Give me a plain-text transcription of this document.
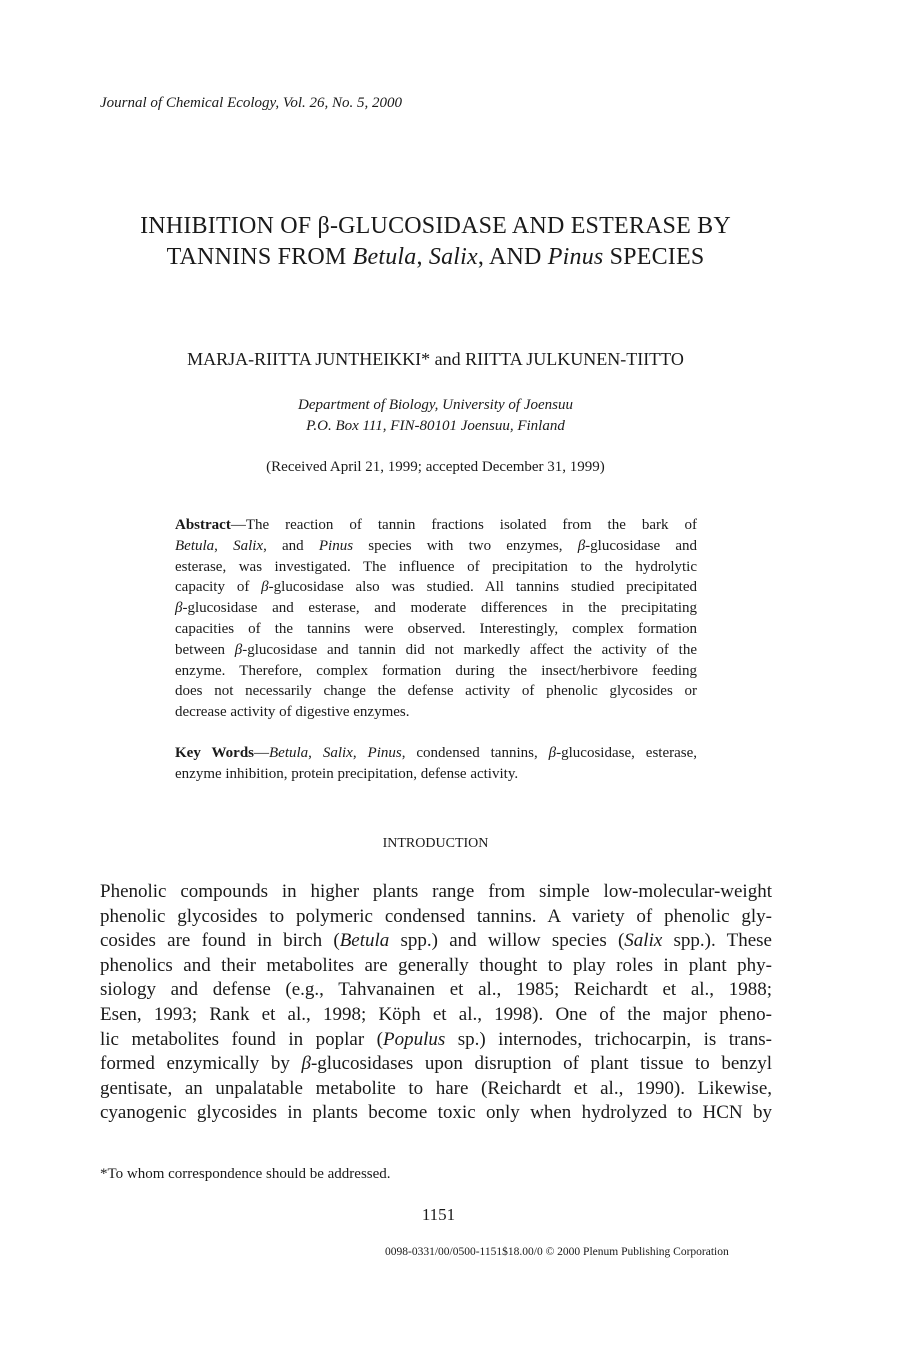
Journal of Chemical Ecology, Vol. 26, No. 5, 2000
INHIBITION OF β-GLUCOSIDASE AND ESTERASE BY
TANNINS FROM Betula, Salix, AND Pinus SPECIES
MARJA-RIITTA JUNTHEIKKI* and RIITTA JULKUNEN-TIITTO
Department of Biology, University of Joensuu
P.O. Box 111, FIN-80101 Joensuu, Finland
(Received April 21, 1999; accepted December 31, 1999)
Abstract—The reaction of tannin fractions isolated from the bark of
Betula, Salix, and Pinus species with two enzymes, β-glucosidase and
esterase, was investigated. The influence of precipitation to the hydrolytic
capacity of β-glucosidase also was studied. All tannins studied precipitated
β-glucosidase and esterase, and moderate differences in the precipitating
capacities of the tannins were observed. Interestingly, complex formation
between β-glucosidase and tannin did not markedly affect the activity of the
enzyme. Therefore, complex formation during the insect/herbivore feeding
does not necessarily change the defense activity of phenolic glycosides or
decrease activity of digestive enzymes.
Key Words—Betula, Salix, Pinus, condensed tannins, β-glucosidase, esterase,
enzyme inhibition, protein precipitation, defense activity.
INTRODUCTION
Phenolic compounds in higher plants range from simple low-molecular-weight
phenolic glycosides to polymeric condensed tannins. A variety of phenolic gly-
cosides are found in birch (Betula spp.) and willow species (Salix spp.). These
phenolics and their metabolites are generally thought to play roles in plant phy-
siology and defense (e.g., Tahvanainen et al., 1985; Reichardt et al., 1988;
Esen, 1993; Rank et al., 1998; Köph et al., 1998). One of the major pheno-
lic metabolites found in poplar (Populus sp.) internodes, trichocarpin, is trans-
formed enzymically by β-glucosidases upon disruption of plant tissue to benzyl
gentisate, an unpalatable metabolite to hare (Reichardt et al., 1990). Likewise,
cyanogenic glycosides in plants become toxic only when hydrolyzed to HCN by
*To whom correspondence should be addressed.
1151
0098-0331/00/0500-1151$18.00/0 © 2000 Plenum Publishing Corporation
